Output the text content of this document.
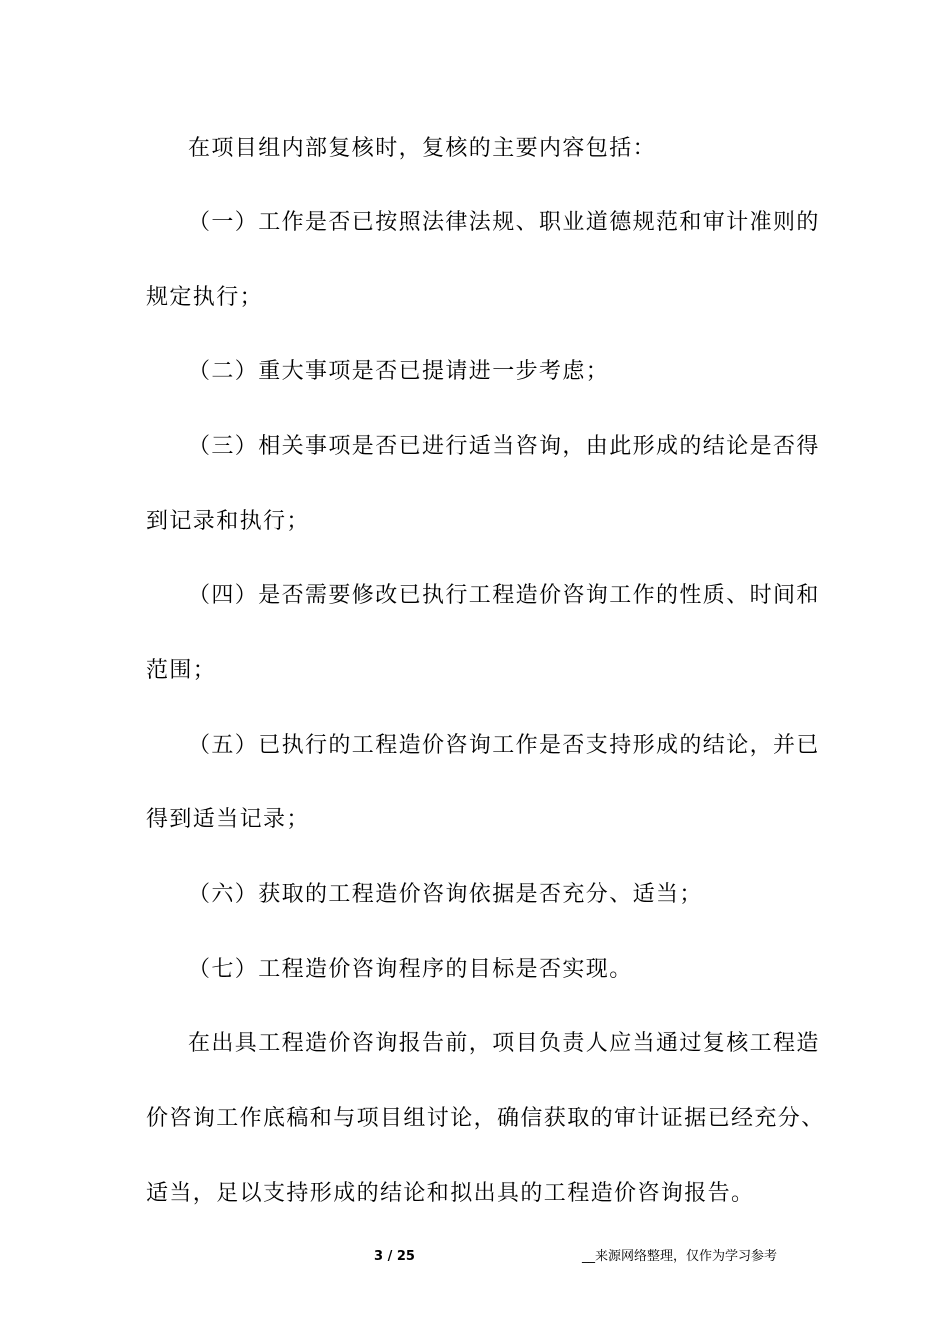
在项目组内部复核时，复核的主要内容包括：
（一）工作是否已按照法律法规、职业道德规范和审计准则的
规定执行；
（二）重大事项是否已提请进一步考虑；
（三）相关事项是否已进行适当咨询，由此形成的结论是否得
到记录和执行；
（四）是否需要修改已执行工程造价咨询工作的性质、时间和
范围；
（五）已执行的工程造价咨询工作是否支持形成的结论，并已
得到适当记录；
（六）获取的工程造价咨询依据是否充分、适当；
（七）工程造价咨询程序的目标是否实现。
在出具工程造价咨询报告前，项目负责人应当通过复核工程造
价咨询工作底稿和与项目组讨论，确信获取的审计证据已经充分、
适当，足以支持形成的结论和拟出具的工程造价咨询报告。
3 / 25	__来源网络整理，仅作为学习参考
